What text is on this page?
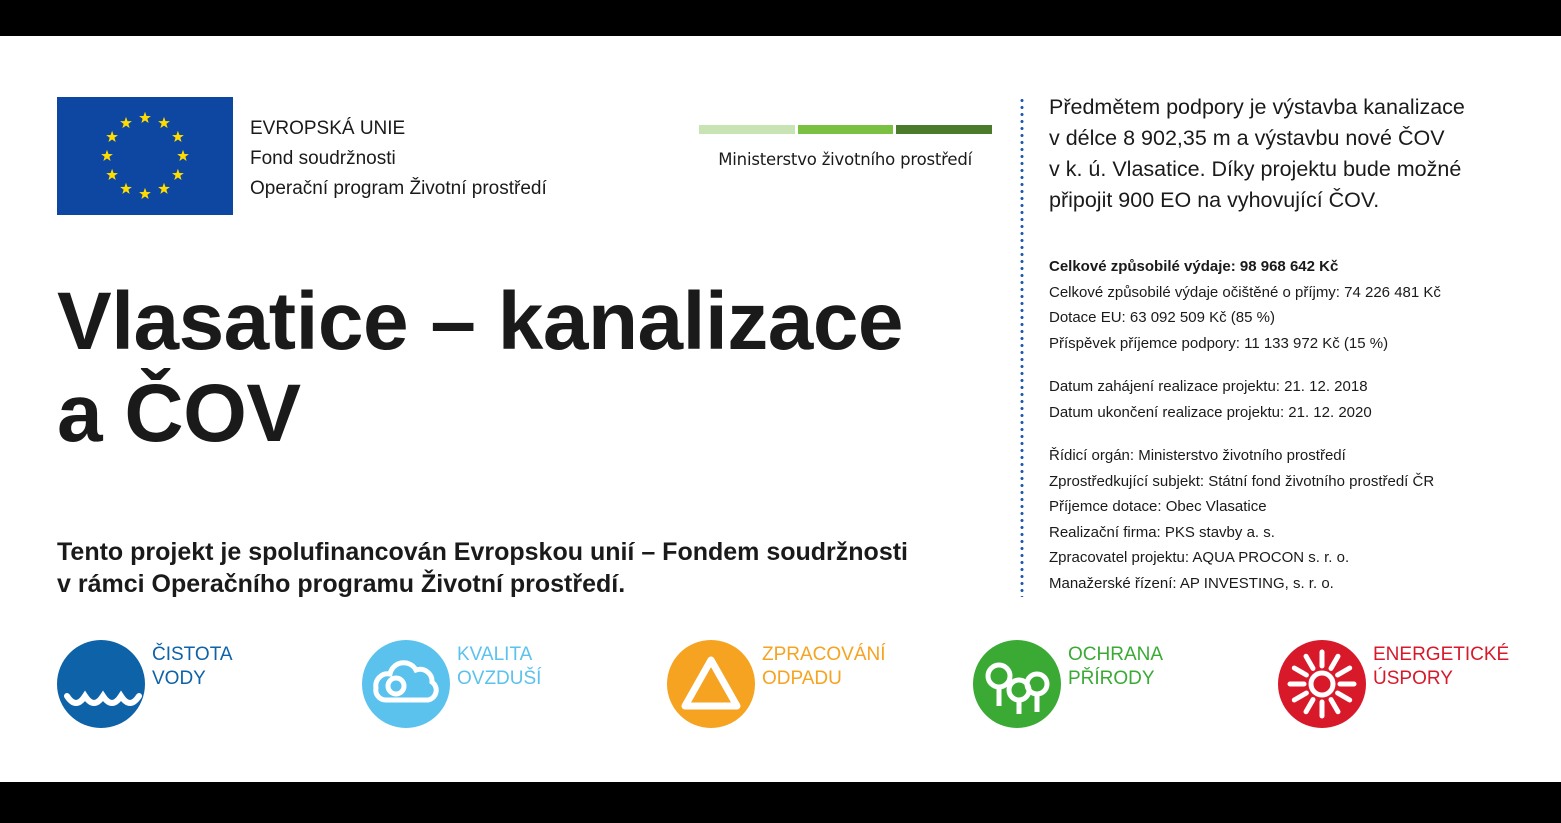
EVROPSKÁ UNIE
Fond soudržnosti
Operační program Životní prostředí
Ministerstvo životního prostředí
Vlasatice – kanalizace
a ČOV
Tento projekt je spolufinancován Evropskou unií – Fondem soudržnosti
v rámci Operačního programu Životní prostředí.
Předmětem podpory je výstavba kanalizace
v délce 8 902,35 m a výstavbu nové ČOV
v k. ú. Vlasatice. Díky projektu bude možné
připojit 900 EO na vyhovující ČOV.
Celkové způsobilé výdaje: 98 968 642 Kč
Celkové způsobilé výdaje očištěné o příjmy: 74 226 481 Kč
Dotace EU: 63 092 509 Kč (85 %)
Příspěvek příjemce podpory: 11 133 972 Kč (15 %)
Datum zahájení realizace projektu: 21. 12. 2018
Datum ukončení realizace projektu: 21. 12. 2020
Řídicí orgán: Ministerstvo životního prostředí
Zprostředkující subjekt: Státní fond životního prostředí ČR
Příjemce dotace: Obec Vlasatice
Realizační firma: PKS stavby a. s.
Zpracovatel projektu: AQUA PROCON s. r. o.
Manažerské řízení: AP INVESTING, s. r. o.
ČISTOTA
VODY
KVALITA
OVZDUŠÍ
ZPRACOVÁNÍ
ODPADU
OCHRANA
PŘÍRODY
ENERGETICKÉ
ÚSPORY
